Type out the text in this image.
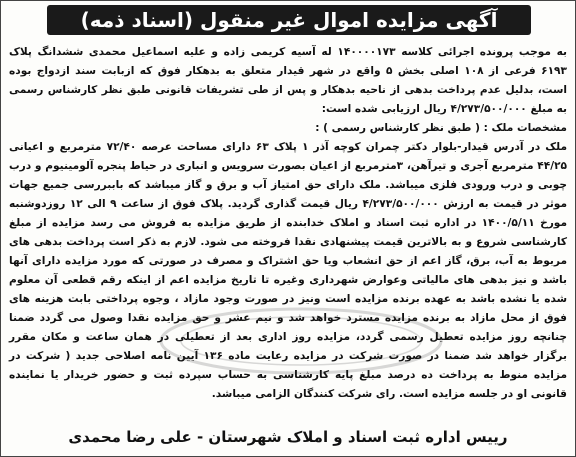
آگهی مزایده اموال غیر منقول (اسناد ذمه)

به موجب پرونده اجرائی کلاسه ۱۴۰۰۰۰۱۷۳ له آسیه کریمی زاده و علیه اسماعیل محمدی ششدانگ پلاک ۶۱۹۳ فرعی از ۱۰۸ اصلی بخش ۵ واقع در شهر قیدار متعلق به بدهکار فوق که ازبابت سند ازدواج بوده است، بدلیل عدم پرداخت بدهی از ناحیه بدهکار و پس از طی تشریفات قانونی طبق نظر کارشناس رسمی به مبلغ ۴/۲۷۳/۵۰۰/۰۰۰ ریال ارزیابی شده است:

مشخصات ملک : ( طبق نظر کارشناس رسمی ) :

ملک در آدرس قیدار-بلوار دکتر چمران کوچه آذر ۱ پلاک ۶۳ دارای مساحت عرصه ۷۲/۴۰ مترمربع و اعیانی ۴۴/۲۵ مترمربع آجری و تیرآهن، ۳مترمربع از اعیان بصورت سرویس و انباری در حیاط پنجره آلومینیوم و درب چوبی و درب ورودی فلزی میباشد. ملک دارای حق امتیاز آب و برق و گاز میباشد که باببررسی جمیع جهات موثر در قیمت به ارزش ۴/۲۷۳/۵۰۰/۰۰۰ ریال قیمت گذاری گردید. پلاک فوق از ساعت ۹ الی ۱۲ روزدوشنبه مورخ ۱۴۰۰/۵/۱۱ در اداره ثبت اسناد و املاک خدابنده از طریق مزایده به فروش می رسد مزایده از مبلغ کارشناسی شروع و به بالاترین قیمت پیشنهادی نقدا فروخته می شود. لازم به ذکر است پرداخت بدهی های مربوط به آب، برق، گاز اعم از حق انشعاب ویا حق اشتراک و مصرف در صورتی که مورد مزایده دارای آنها باشد و نیز بدهی های مالیاتی وعوارض شهرداری وغیره تا تاریخ مزایده اعم از اینکه رقم قطعی آن معلوم شده یا نشده باشد به عهده برنده مزایده است ونیز در صورت وجود مازاد ، وجوه پرداختی بابت هزینه های فوق از محل مازاد به برنده مزایده مسترد خواهد شد و نیم عشر و حق مزایده نقدا وصول می گردد ضمنا چنانچه روز مزایده تعطیل رسمی گردد، مزایده روز اداری بعد از تعطیلی در همان ساعت و مکان مقرر برگزار خواهد شد ضمنا در صورت شرکت در مزایده رعایت ماده ۱۳۶ آیین نامه اصلاحی جدید ( شرکت در مزایده منوط به پرداخت ده درصد مبلغ پایه کارشناسی به حساب سپرده ثبت و حضور خریدار یا نماینده قانونی او در جلسه مزایده است. رای شرکت کنندگان الزامی میباشد.

رییس اداره ثبت اسناد و املاک شهرستان - علی رضا محمدی
